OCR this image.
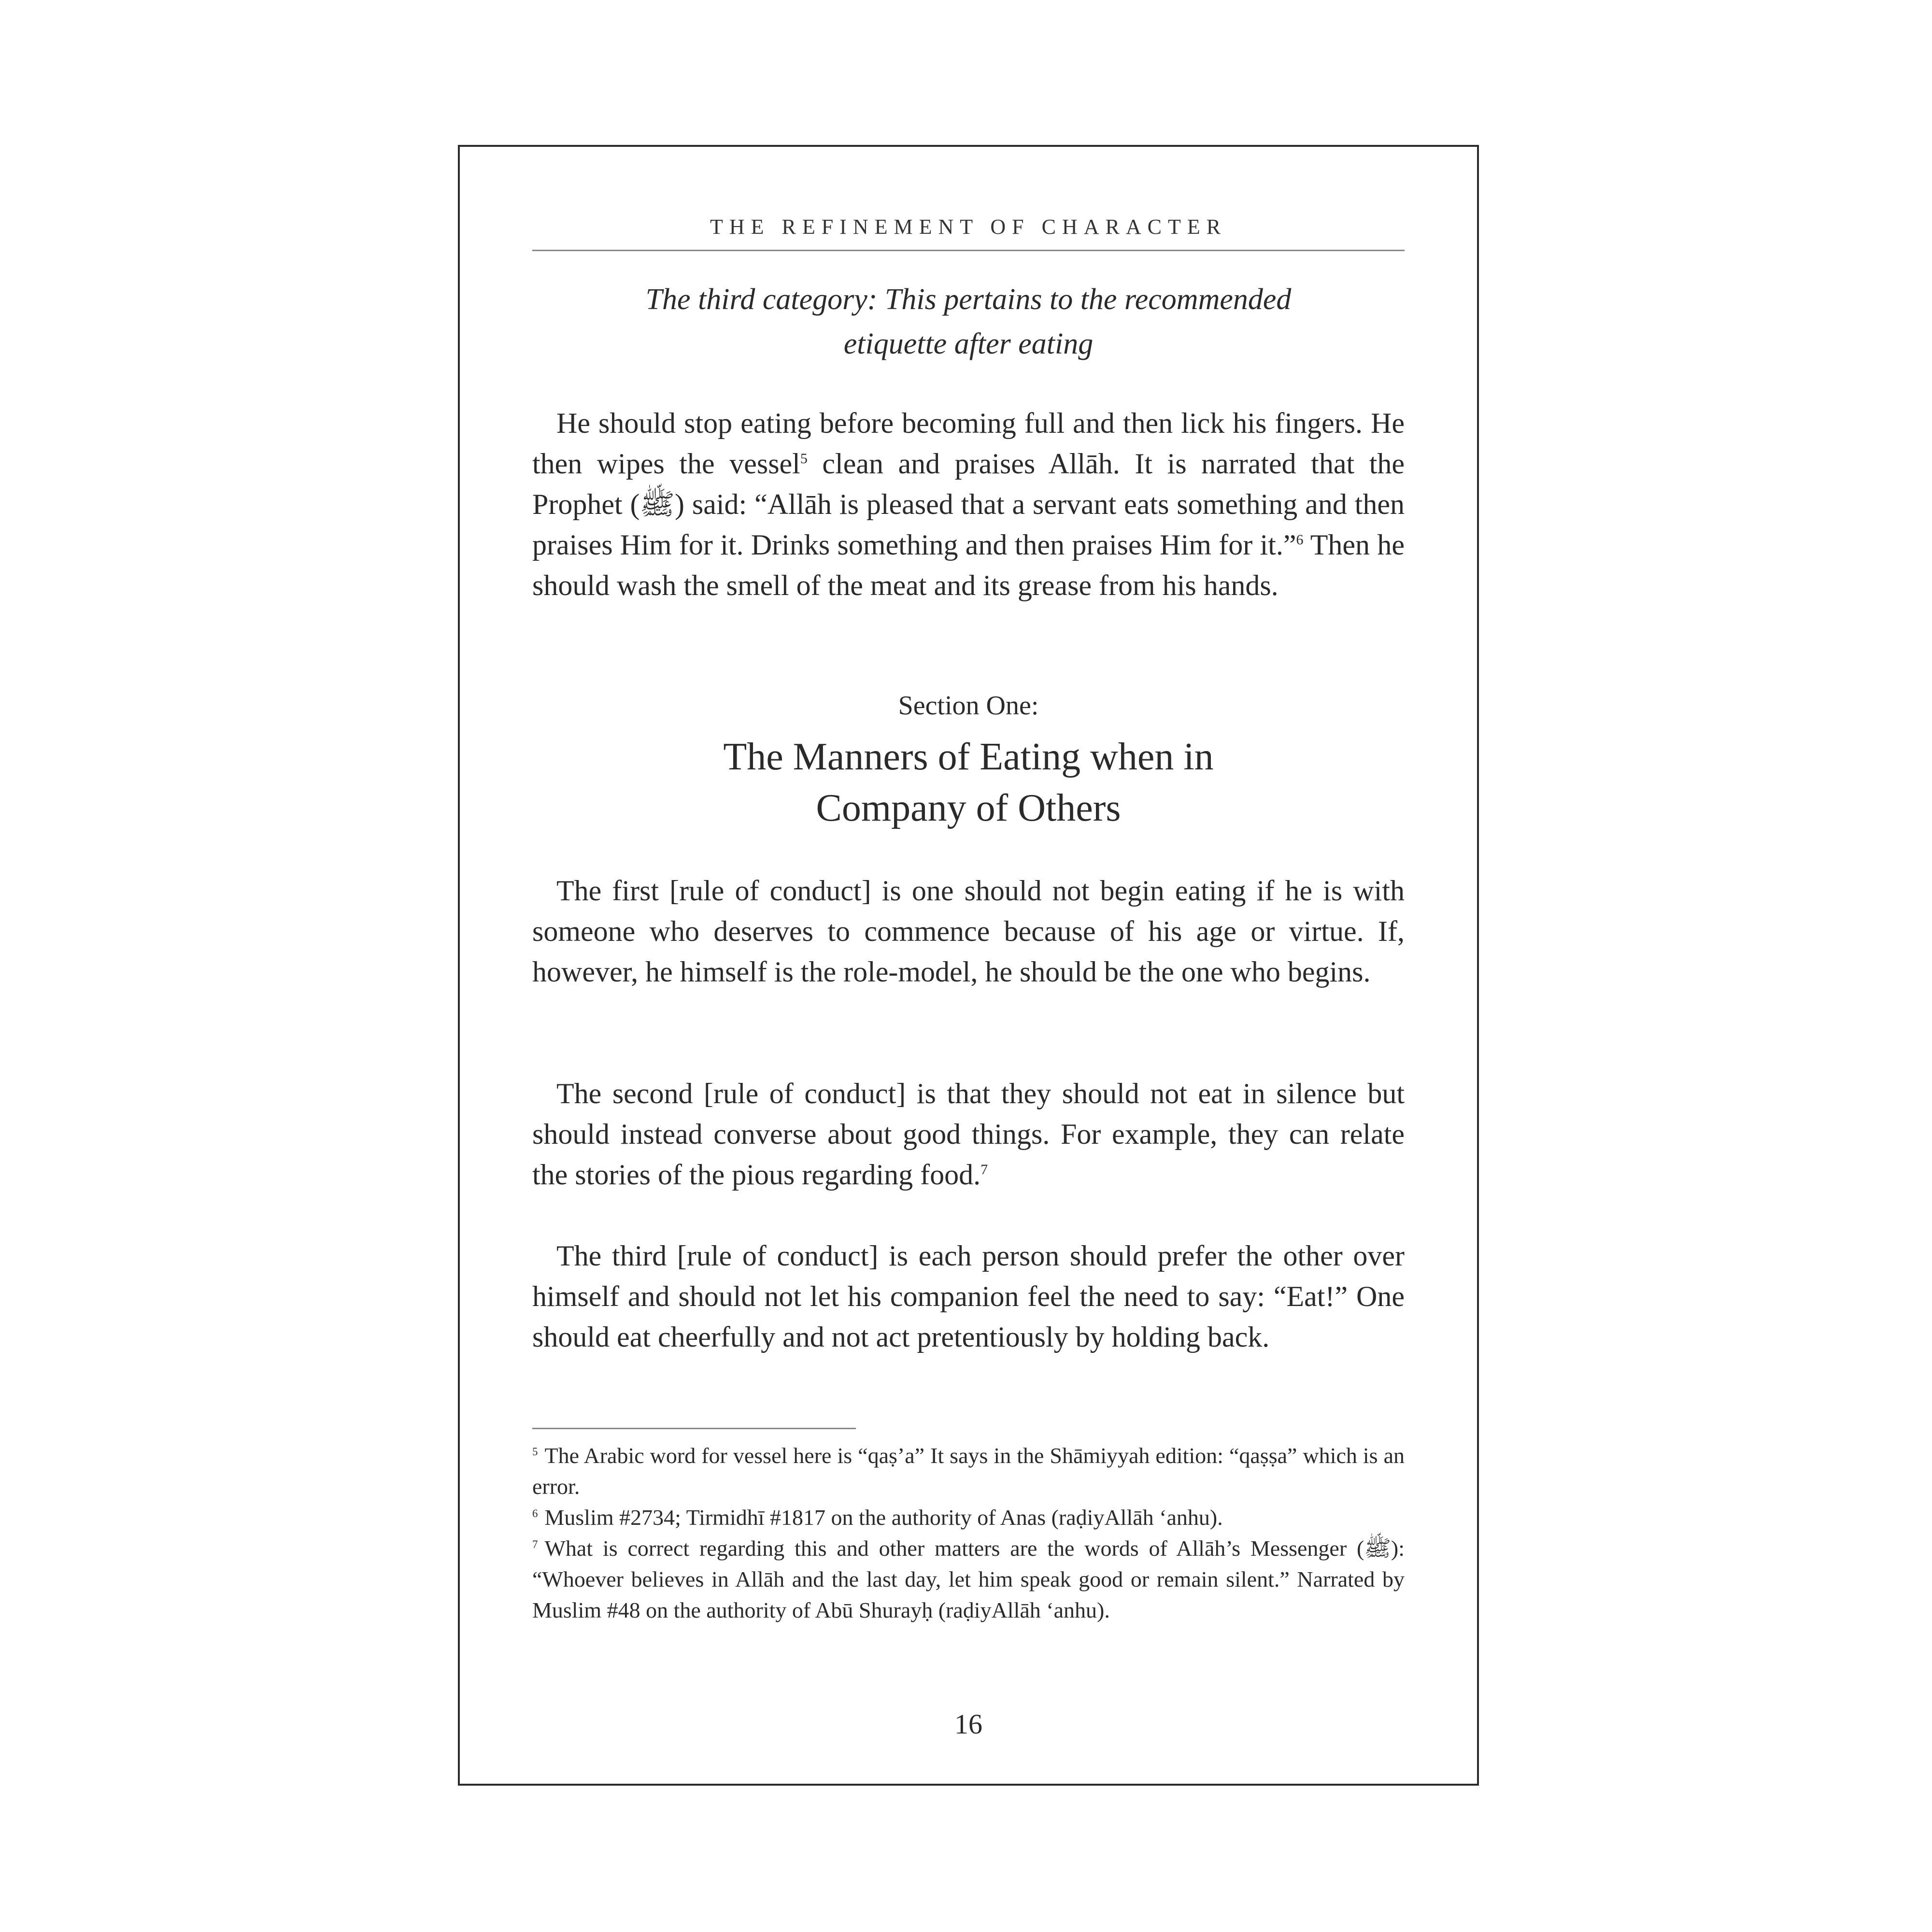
THE REFINEMENT OF CHARACTER
The third category: This pertains to the recommended etiquette after eating

He should stop eating before becoming full and then lick his fingers. He then wipes the vessel$^5$ clean and praises Allāh. It is narrated that the Prophet (ﷺ) said: “Allāh is pleased that a servant eats something and then praises Him for it. Drinks something and then praises Him for it.”$^6$ Then he should wash the smell of the meat and its grease from his hands.

Section One:
The Manners of Eating when in Company of Others

The first [rule of conduct] is one should not begin eating if he is with someone who deserves to commence because of his age or virtue. If, however, he himself is the role-model, he should be the one who begins.

The second [rule of conduct] is that they should not eat in silence but should instead converse about good things. For example, they can relate the stories of the pious regarding food.$^7$

The third [rule of conduct] is each person should prefer the other over himself and should not let his companion feel the need to say: “Eat!” One should eat cheerfully and not act pretentiously by holding back.

$^5$ The Arabic word for vessel here is “qaṣ’a” It says in the Shāmiyyah edition: “qaṣṣa” which is an error.

$^6$ Muslim #2734; Tirmidhī #1817 on the authority of Anas (raḍiyAllāh ‘anhu).

$^7$ What is correct regarding this and other matters are the words of Allāh’s Messenger (ﷺ): “Whoever believes in Allāh and the last day, let him speak good or remain silent.” Narrated by Muslim #48 on the authority of Abū Shurayḥ (raḍiyAllāh ‘anhu).

16
